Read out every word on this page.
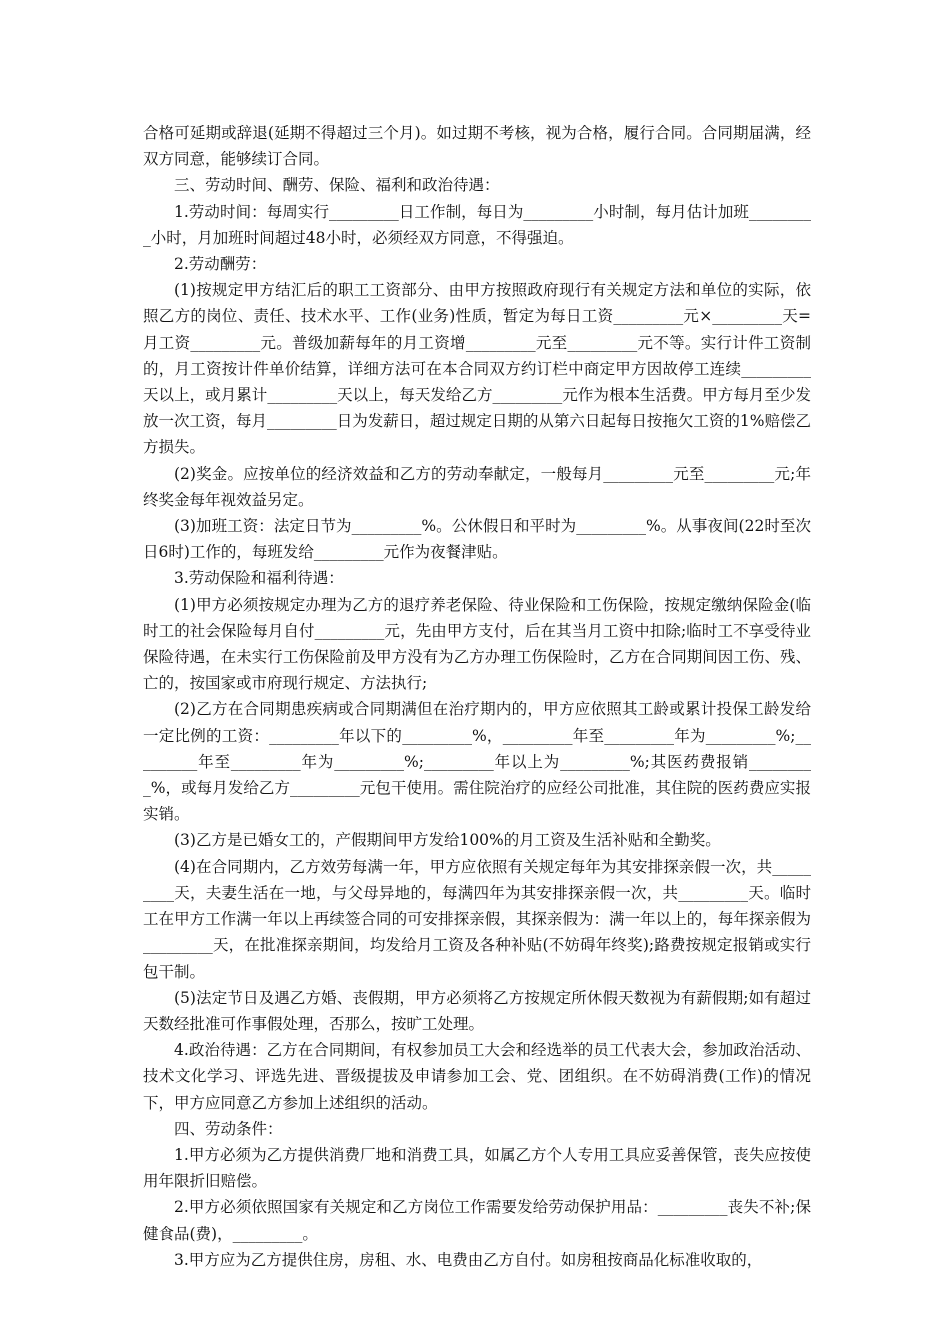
合格可延期或辞退(延期不得超过三个月)。如过期不考核，视为合格，履行合同。合同期届满，经双方同意，能够续订合同。

三、劳动时间、酬劳、保险、福利和政治待遇：

1.劳动时间：每周实行_________日工作制，每日为_________小时制，每月估计加班_________小时，月加班时间超过48小时，必须经双方同意，不得强迫。

2.劳动酬劳：

(1)按规定甲方结汇后的职工工资部分、由甲方按照政府现行有关规定方法和单位的实际，依照乙方的岗位、责任、技术水平、工作(业务)性质，暂定为每日工资_________元×_________天=月工资_________元。普级加薪每年的月工资增_________元至_________元不等。实行计件工资制的，月工资按计件单价结算，详细方法可在本合同双方约订栏中商定甲方因故停工连续_________天以上，或月累计_________天以上，每天发给乙方_________元作为根本生活费。甲方每月至少发放一次工资，每月_________日为发薪日，超过规定日期的从第六日起每日按拖欠工资的1%赔偿乙方损失。

(2)奖金。应按单位的经济效益和乙方的劳动奉献定，一般每月_________元至_________元;年终奖金每年视效益另定。

(3)加班工资：法定日节为_________%。公休假日和平时为_________%。从事夜间(22时至次日6时)工作的，每班发给_________元作为夜餐津贴。

3.劳动保险和福利待遇：

(1)甲方必须按规定办理为乙方的退疗养老保险、待业保险和工伤保险，按规定缴纳保险金(临时工的社会保险每月自付_________元，先由甲方支付，后在其当月工资中扣除;临时工不享受待业保险待遇，在未实行工伤保险前及甲方没有为乙方办理工伤保险时，乙方在合同期间因工伤、残、亡的，按国家或市府现行规定、方法执行;

(2)乙方在合同期患疾病或合同期满但在治疗期内的，甲方应依照其工龄或累计投保工龄发给一定比例的工资：_________年以下的_________%，_________年至_________年为_________%;_________年至_________年为_________%;_________年以上为_________%;其医药费报销_________%，或每月发给乙方_________元包干使用。需住院治疗的应经公司批准，其住院的医药费应实报实销。

(3)乙方是已婚女工的，产假期间甲方发给100%的月工资及生活补贴和全勤奖。

(4)在合同期内，乙方效劳每满一年，甲方应依照有关规定每年为其安排探亲假一次，共_________天，夫妻生活在一地，与父母异地的，每满四年为其安排探亲假一次，共_________天。临时工在甲方工作满一年以上再续签合同的可安排探亲假，其探亲假为：满一年以上的，每年探亲假为_________天，在批准探亲期间，均发给月工资及各种补贴(不妨碍年终奖);路费按规定报销或实行包干制。

(5)法定节日及遇乙方婚、丧假期，甲方必须将乙方按规定所休假天数视为有薪假期;如有超过天数经批准可作事假处理，否那么，按旷工处理。

4.政治待遇：乙方在合同期间，有权参加员工大会和经选举的员工代表大会，参加政治活动、技术文化学习、评选先进、晋级提拔及申请参加工会、党、团组织。在不妨碍消费(工作)的情况下，甲方应同意乙方参加上述组织的活动。

四、劳动条件：

1.甲方必须为乙方提供消费厂地和消费工具，如属乙方个人专用工具应妥善保管，丧失应按使用年限折旧赔偿。

2.甲方必须依照国家有关规定和乙方岗位工作需要发给劳动保护用品：_________丧失不补;保健食品(费)，_________。

3.甲方应为乙方提供住房，房租、水、电费由乙方自付。如房租按商品化标准收取的，
